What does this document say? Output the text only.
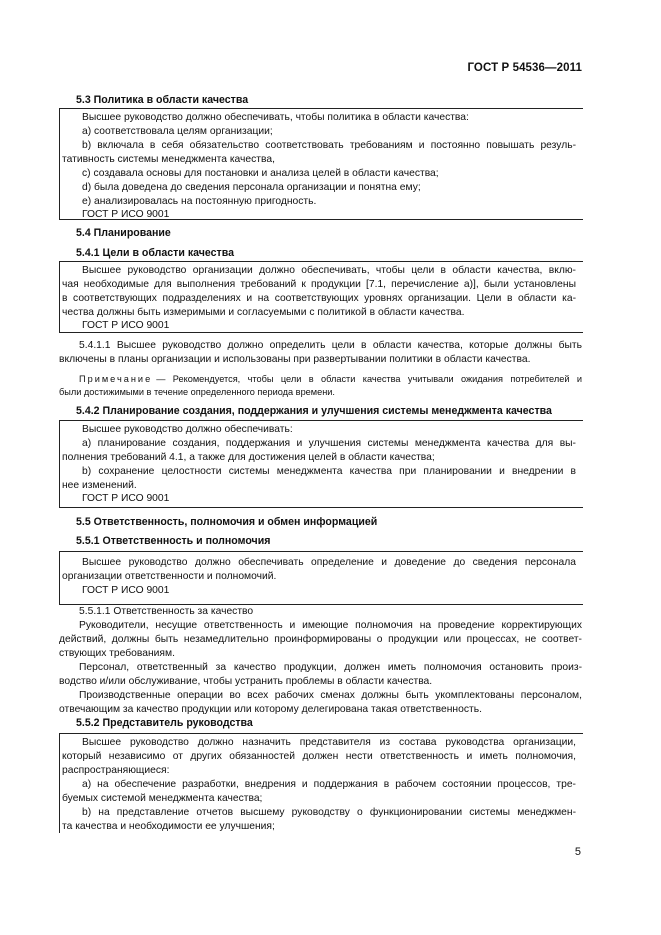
ГОСТ Р 54536—2011
5.3 Политика в области качества
Высшее руководство должно обеспечивать, чтобы политика в области качества:
a) соответствовала целям организации;
b) включала в себя обязательство соответствовать требованиям и постоянно повышать резуль-
тативность системы менеджмента качества,
c) создавала основы для постановки и анализа целей в области качества;
d) была доведена до сведения персонала организации и понятна ему;
e) анализировалась на постоянную пригодность.
ГОСТ Р ИСО 9001
5.4 Планирование
5.4.1 Цели в области качества
Высшее руководство организации должно обеспечивать, чтобы цели в области качества, вклю-
чая необходимые для выполнения требований к продукции [7.1, перечисление а)], были установлены
в соответствующих подразделениях и на соответствующих уровнях организации. Цели в области ка-
чества должны быть измеримыми и согласуемыми с политикой в области качества.
ГОСТ Р ИСО 9001
5.4.1.1 Высшее руководство должно определить цели в области качества, которые должны быть
включены в планы организации и использованы при развертывании политики в области качества.
Примечание — Рекомендуется, чтобы цели в области качества учитывали ожидания потребителей и
были достижимыми в течение определенного периода времени.
5.4.2 Планирование создания, поддержания и улучшения системы менеджмента качества
Высшее руководство должно обеспечивать:
a) планирование создания, поддержания и улучшения системы менеджмента качества для вы-
полнения требований 4.1, а также для достижения целей в области качества;
b) сохранение целостности системы менеджмента качества при планировании и внедрении в
нее изменений.
ГОСТ Р ИСО 9001
5.5 Ответственность, полномочия и обмен информацией
5.5.1 Ответственность и полномочия
Высшее руководство должно обеспечивать определение и доведение до сведения персонала
организации ответственности и полномочий.
ГОСТ Р ИСО 9001
5.5.1.1 Ответственность за качество
Руководители, несущие ответственность и имеющие полномочия на проведение корректирующих
действий, должны быть незамедлительно проинформированы о продукции или процессах, не соответ-
ствующих требованиям.
Персонал, ответственный за качество продукции, должен иметь полномочия остановить произ-
водство и/или обслуживание, чтобы устранить проблемы в области качества.
Производственные операции во всех рабочих сменах должны быть укомплектованы персоналом,
отвечающим за качество продукции или которому делегирована такая ответственность.
5.5.2 Представитель руководства
Высшее руководство должно назначить представителя из состава руководства организации,
который независимо от других обязанностей должен нести ответственность и иметь полномочия,
распространяющиеся:
a) на обеспечение разработки, внедрения и поддержания в рабочем состоянии процессов, тре-
буемых системой менеджмента качества;
b) на представление отчетов высшему руководству о функционировании системы менеджмен-
та качества и необходимости ее улучшения;
5
